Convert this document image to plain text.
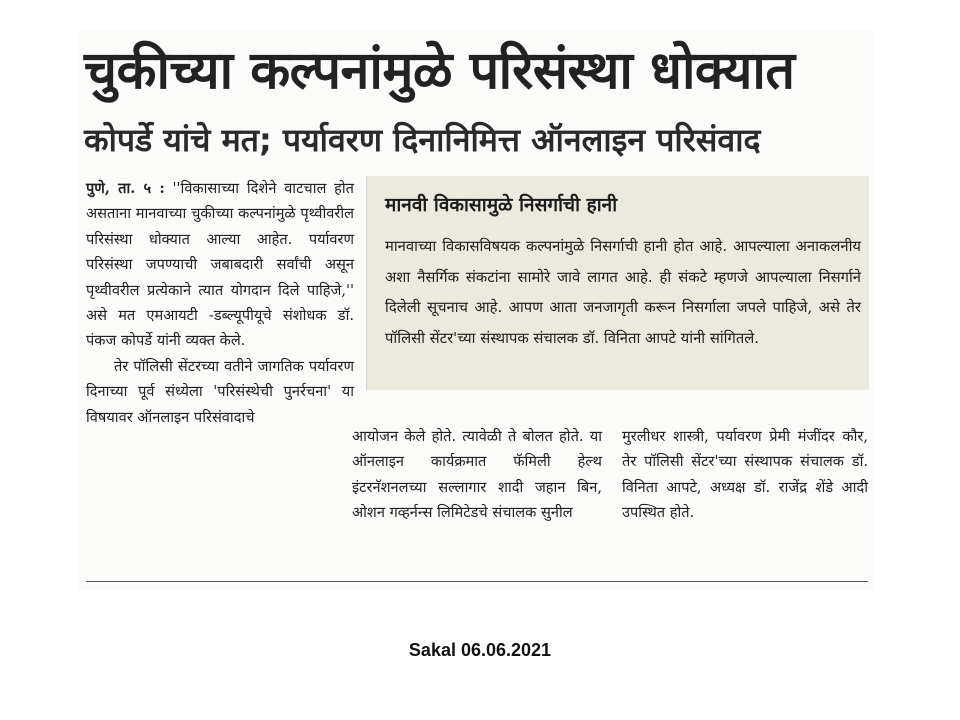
चुकीच्या कल्पनांमुळे परिसंस्था धोक्यात
कोपर्डे यांचे मत; पर्यावरण दिनानिमित्त ऑनलाइन परिसंवाद

पुणे, ता. ५ : ''विकासाच्या दिशेने वाटचाल होत असताना मानवाच्या चुकीच्या कल्पनांमुळे पृथ्वीवरील परिसंस्था धोक्यात आल्या आहेत. पर्यावरण परिसंस्था जपण्याची जबाबदारी सर्वांची असून पृथ्वीवरील प्रत्येकाने त्यात योगदान दिले पाहिजे,'' असे मत एमआयटी -डब्ल्यूपीयूचे संशोधक डॉ. पंकज कोपर्डे यांनी व्यक्त केले.

तेर पॉलिसी सेंटरच्या वतीने जागतिक पर्यावरण दिनाच्या पूर्व संध्येला 'परिसंस्थेची पुनर्रचना' या विषयावर ऑनलाइन परिसंवादाचे

मानवी विकासामुळे निसर्गाची हानी
मानवाच्या विकासविषयक कल्पनांमुळे निसर्गाची हानी होत आहे. आपल्याला अनाकलनीय अशा नैसर्गिक संकटांना सामोरे जावे लागत आहे. ही संकटे म्हणजे आपल्याला निसर्गाने दिलेली सूचनाच आहे. आपण आता जनजागृती करून निसर्गाला जपले पाहिजे, असे तेर पॉलिसी सेंटर'च्या संस्थापक संचालक डॉ. विनिता आपटे यांनी सांगितले.
आयोजन केले होते. त्यावेळी ते बोलत होते. या ऑनलाइन कार्यक्रमात फॅमिली हेल्थ इंटरनॅशनलच्या सल्लागार शादी जहान बिन, ओशन गव्हर्नन्स लिमिटेडचे संचालक सुनील
मुरलीधर शास्त्री, पर्यावरण प्रेमी मंजींदर कौर, तेर पॉलिसी सेंटर'च्या संस्थापक संचालक डॉ. विनिता आपटे, अध्यक्ष डॉ. राजेंद्र शेंडे आदी उपस्थित होते.
Sakal 06.06.2021
